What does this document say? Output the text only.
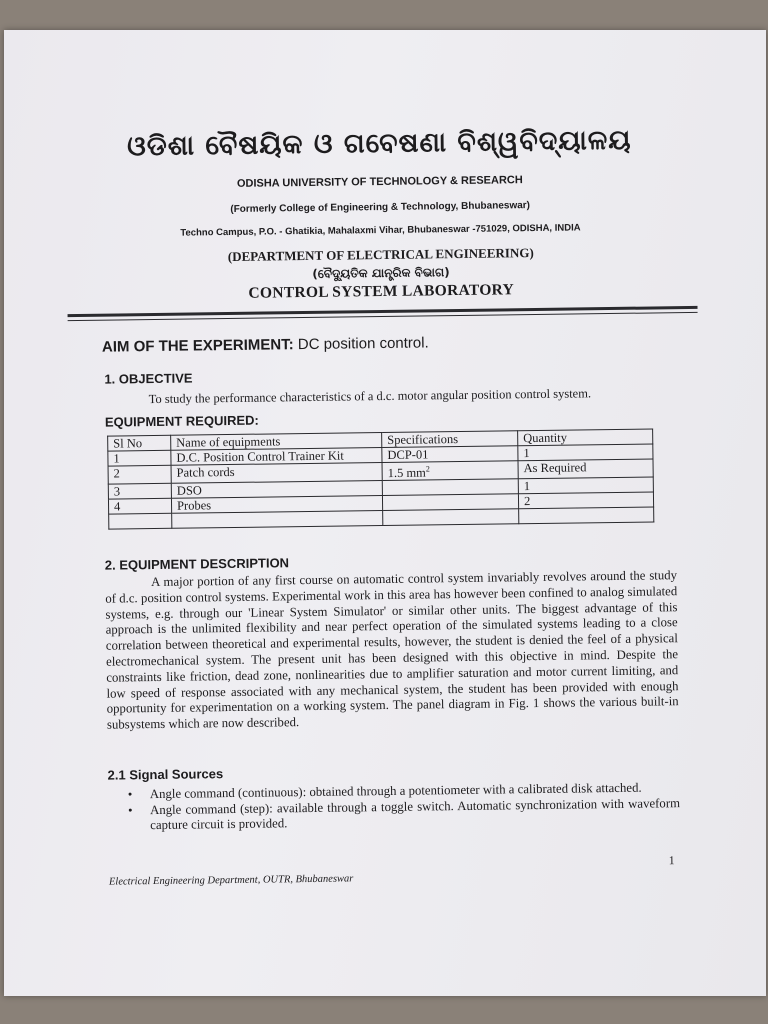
ଓଡିଶା ବୈଷୟିକ ଓ ଗବେଷଣା ବିଶ୍ୱବିଦ୍ୟାଳୟ
ODISHA UNIVERSITY OF TECHNOLOGY & RESEARCH
(Formerly College of Engineering & Technology, Bhubaneswar)
Techno Campus, P.O. - Ghatikia, Mahalaxmi Vihar, Bhubaneswar -751029, ODISHA, INDIA
(DEPARTMENT OF ELECTRICAL ENGINEERING)
(ବୈଦ୍ୟୁତିକ ଯାନ୍ତ୍ରିକ ବିଭାଗ)
CONTROL SYSTEM LABORATORY
AIM OF THE EXPERIMENT: DC position control.
1. OBJECTIVE
To study the performance characteristics of a d.c. motor angular position control system.
EQUIPMENT REQUIRED:
Sl No	Name of equipments	Specifications	Quantity
1	D.C. Position Control Trainer Kit	DCP-01	1
2	Patch cords	1.5 $mm^2$	As Required
3	DSO		1
4	Probes		2

2. EQUIPMENT DESCRIPTION
A major portion of any first course on automatic control system invariably revolves around the study of d.c. position control systems. Experimental work in this area has however been confined to analog simulated systems, e.g. through our 'Linear System Simulator' or similar other units. The biggest advantage of this approach is the unlimited flexibility and near perfect operation of the simulated systems leading to a close correlation between theoretical and experimental results, however, the student is denied the feel of a physical electromechanical system. The present unit has been designed with this objective in mind. Despite the constraints like friction, dead zone, nonlinearities due to amplifier saturation and motor current limiting, and low speed of response associated with any mechanical system, the student has been provided with enough opportunity for experimentation on a working system. The panel diagram in Fig. 1 shows the various built-in subsystems which are now described.
2.1 Signal Sources
• Angle command (continuous): obtained through a potentiometer with a calibrated disk attached.
• Angle command (step): available through a toggle switch. Automatic synchronization with waveform capture circuit is provided.
1
Electrical Engineering Department, OUTR, Bhubaneswar
